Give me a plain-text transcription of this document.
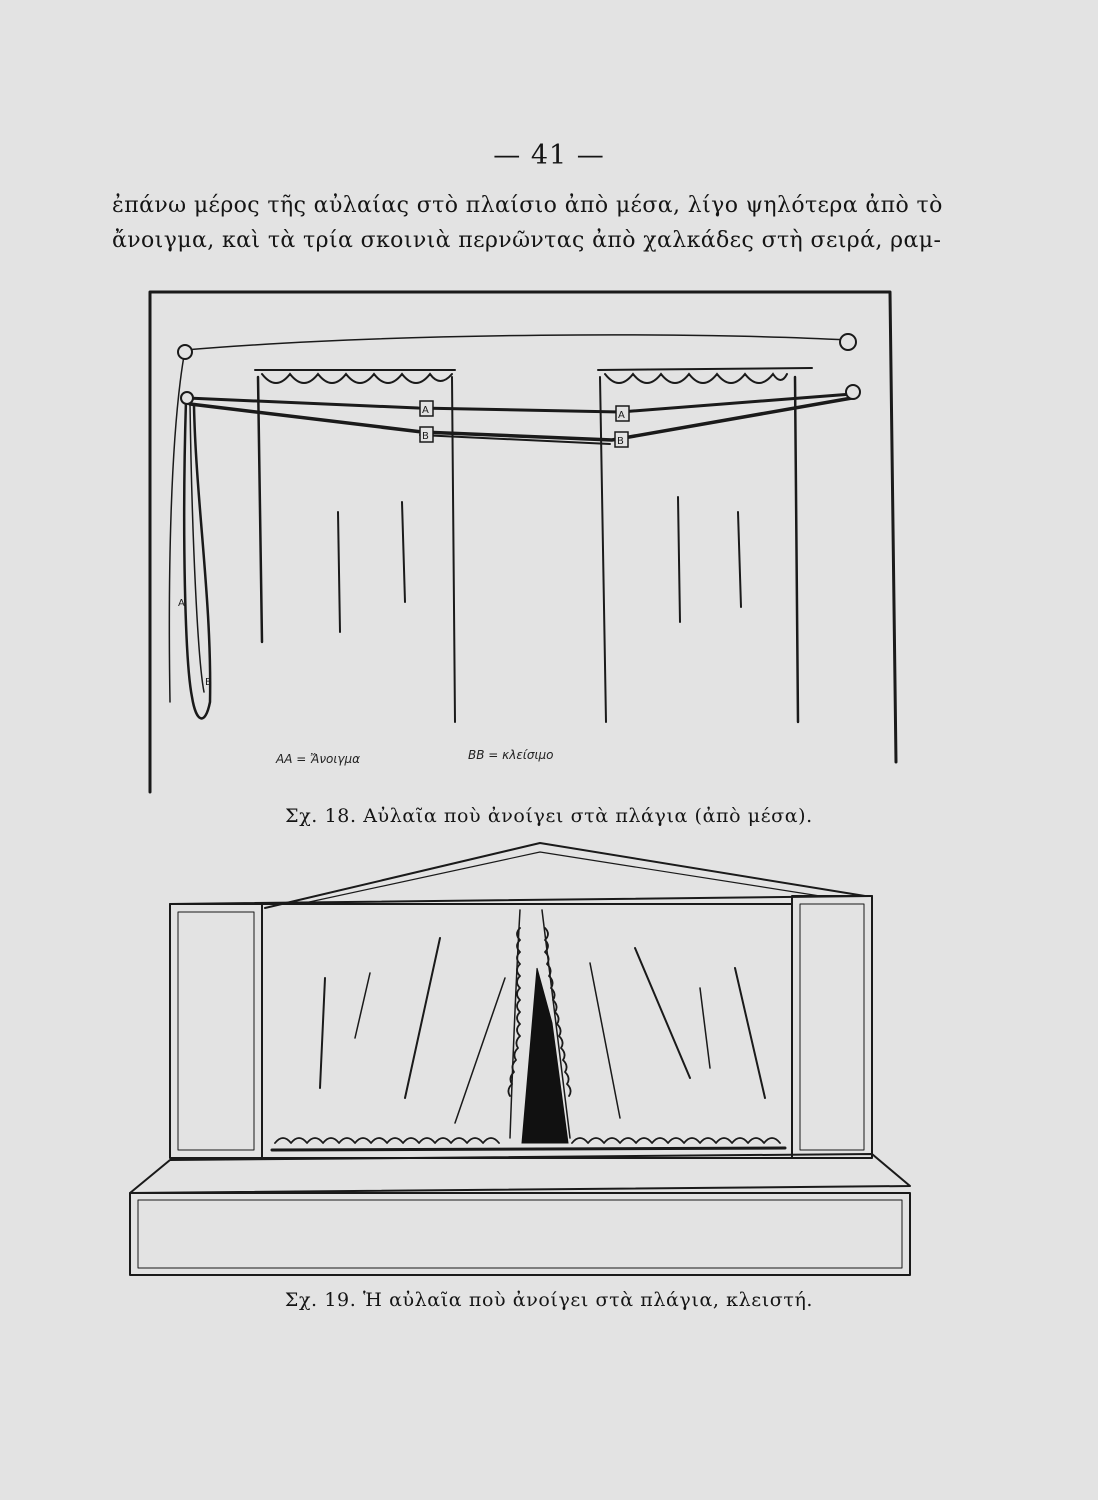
— 41 —
ἐπάνω μέρος τῆς αὐλαίας στὸ πλαίσιο ἀπὸ μέσα, λίγο ψηλότερα ἀπὸ τὸ
ἄνοιγμα, καὶ τὰ τρία σκοινιὰ περνῶντας ἀπὸ χαλκάδες στὴ σειρά, ραμ-
A	A
B	B
A
B
ΑΑ = Ἄνοιγμα	ΒΒ = κλείσιμο
Σχ. 18. Αὐλαῖα ποὺ ἀνοίγει στὰ πλάγια (ἀπὸ μέσα).
Σχ. 19. Ἡ αὐλαῖα ποὺ ἀνοίγει στὰ πλάγια, κλειστή.
